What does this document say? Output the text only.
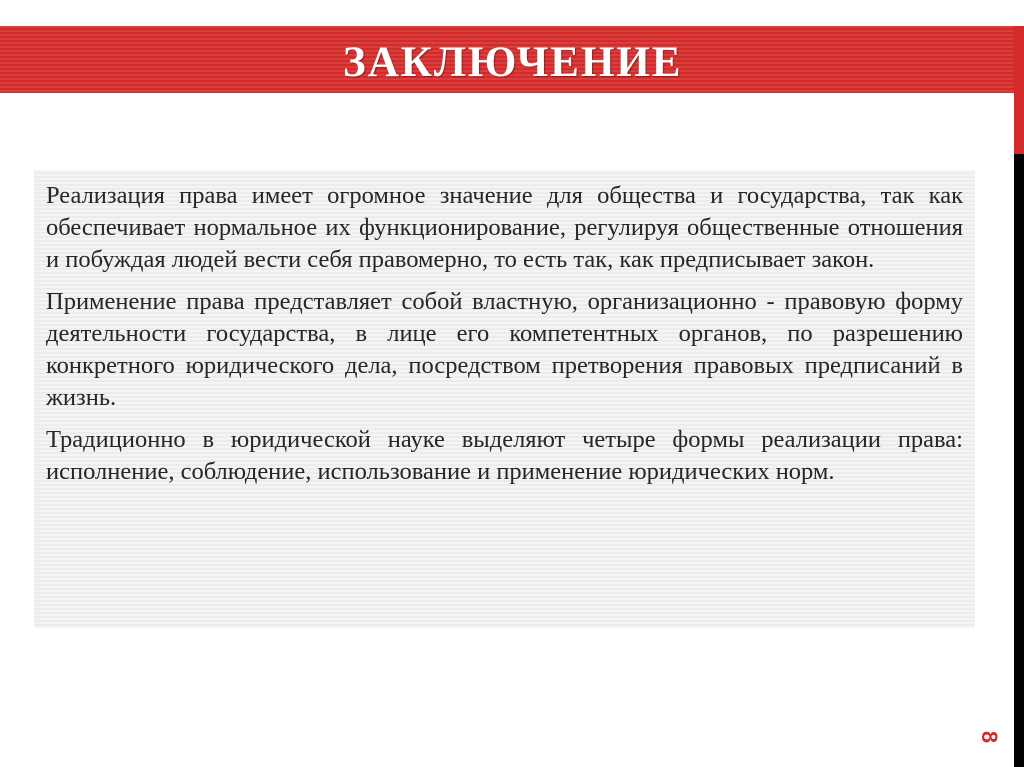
ЗАКЛЮЧЕНИЕ

Реализация права имеет огромное значение для общества и государства, так как обеспечивает нормальное их функционирование, регулируя общественные отношения и побуждая людей вести себя правомерно, то есть так, как предписывает закон.

Применение права представляет собой властную, организационно - правовую форму деятельности государства, в лице его компетентных органов, по разрешению конкретного юридического дела, посредством претворения правовых предписаний в жизнь.

Традиционно в юридической науке выделяют четыре формы реализации права: исполнение, соблюдение, использование и применение юридических норм.

8
